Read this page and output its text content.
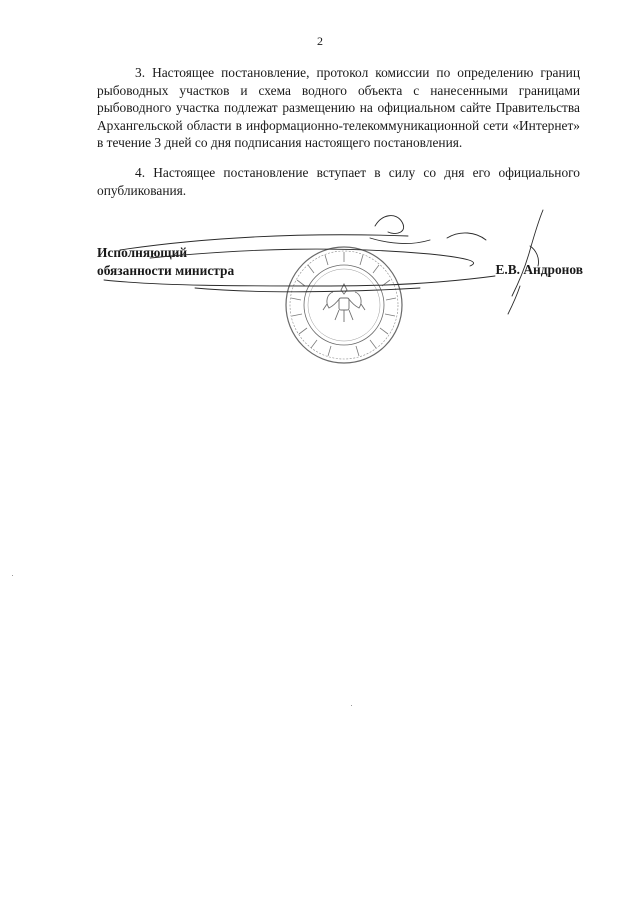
2

3. Настоящее постановление, протокол комиссии по определению границ рыбоводных участков и схема водного объекта с нанесенными границами рыбоводного участка подлежат размещению на официальном сайте Правительства Архангельской области в информационно-телекоммуникационной сети «Интернет» в течение 3 дней со дня подписания настоящего постановления.

4. Настоящее постановление вступает в силу со дня его официального опубликования.

Исполняющий
обязанности министра	Е.В. Андронов
